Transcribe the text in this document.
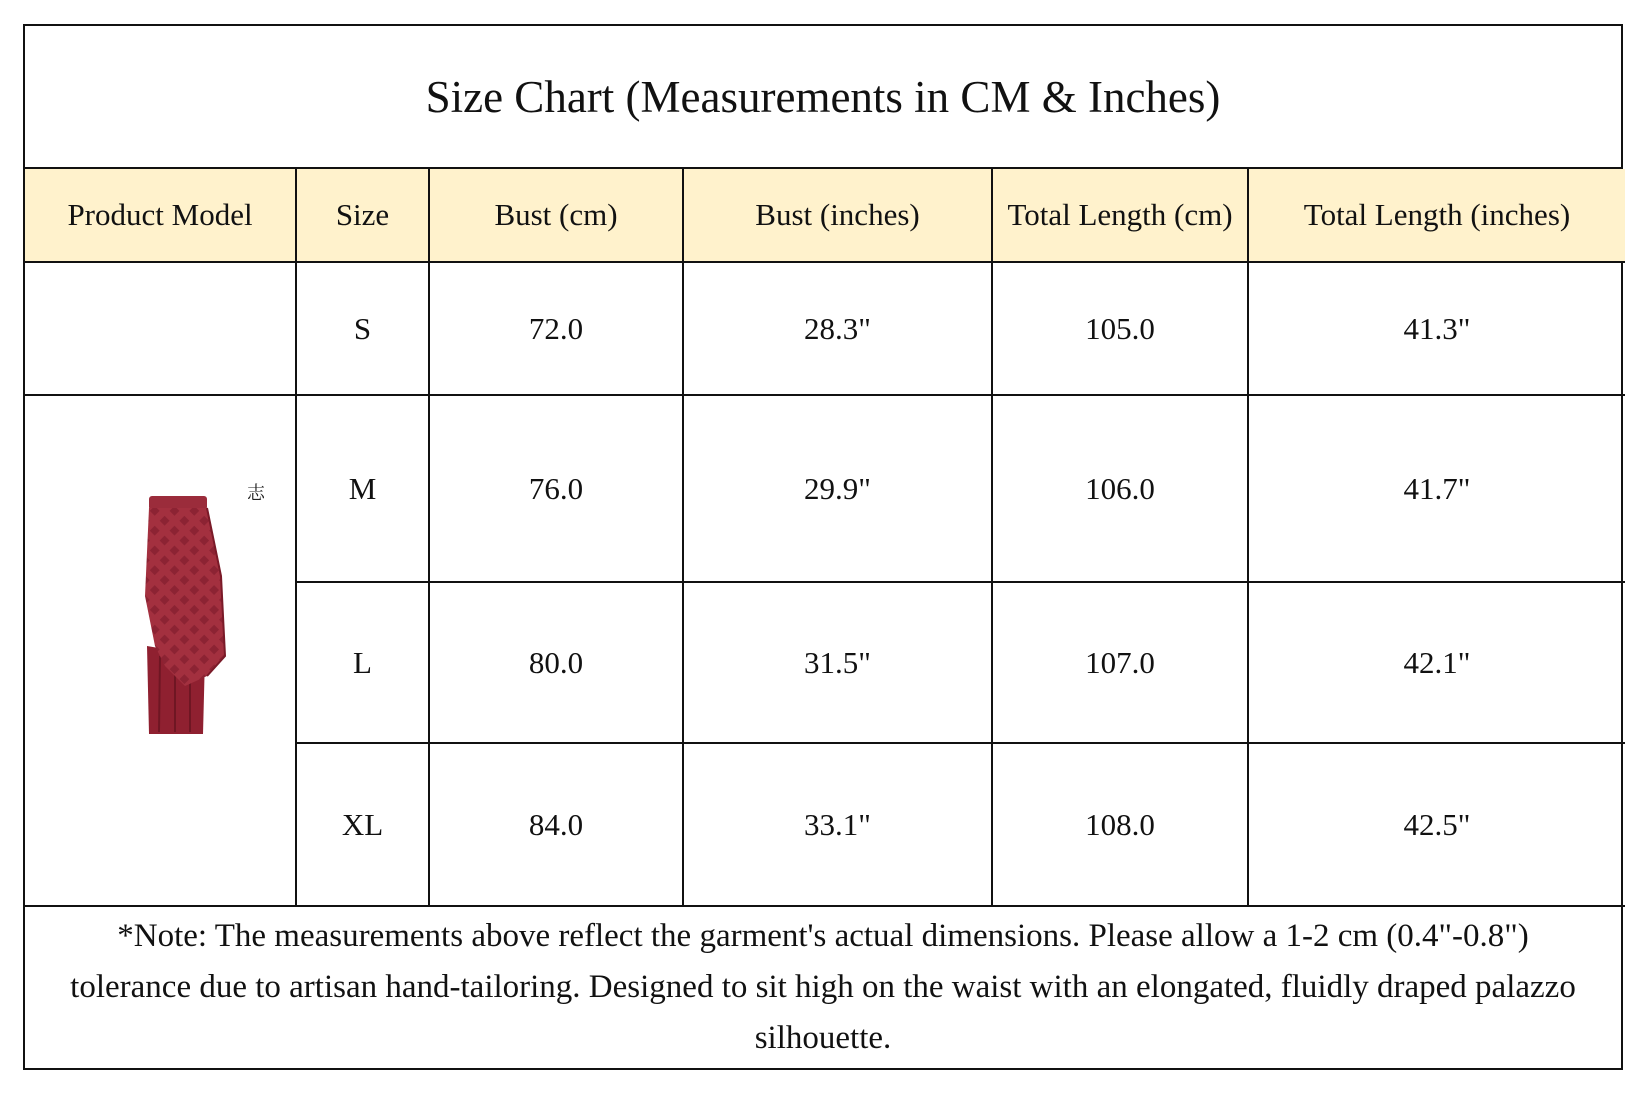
Size Chart (Measurements in CM & Inches)
Product Model	Size	Bust (cm)	Bust (inches)	Total Length (cm)	Total Length (inches)
	S	72.0	28.3"	105.0	41.3"

志	M	76.0	29.9"	106.0	41.7"
	L	80.0	31.5"	107.0	42.1"
	XL	84.0	33.1"	108.0	42.5"
*Note: The measurements above reflect the garment's actual dimensions. Please allow a 1-2 cm (0.4"-0.8") tolerance due to artisan hand-tailoring. Designed to sit high on the waist with an elongated, fluidly draped palazzo silhouette.
